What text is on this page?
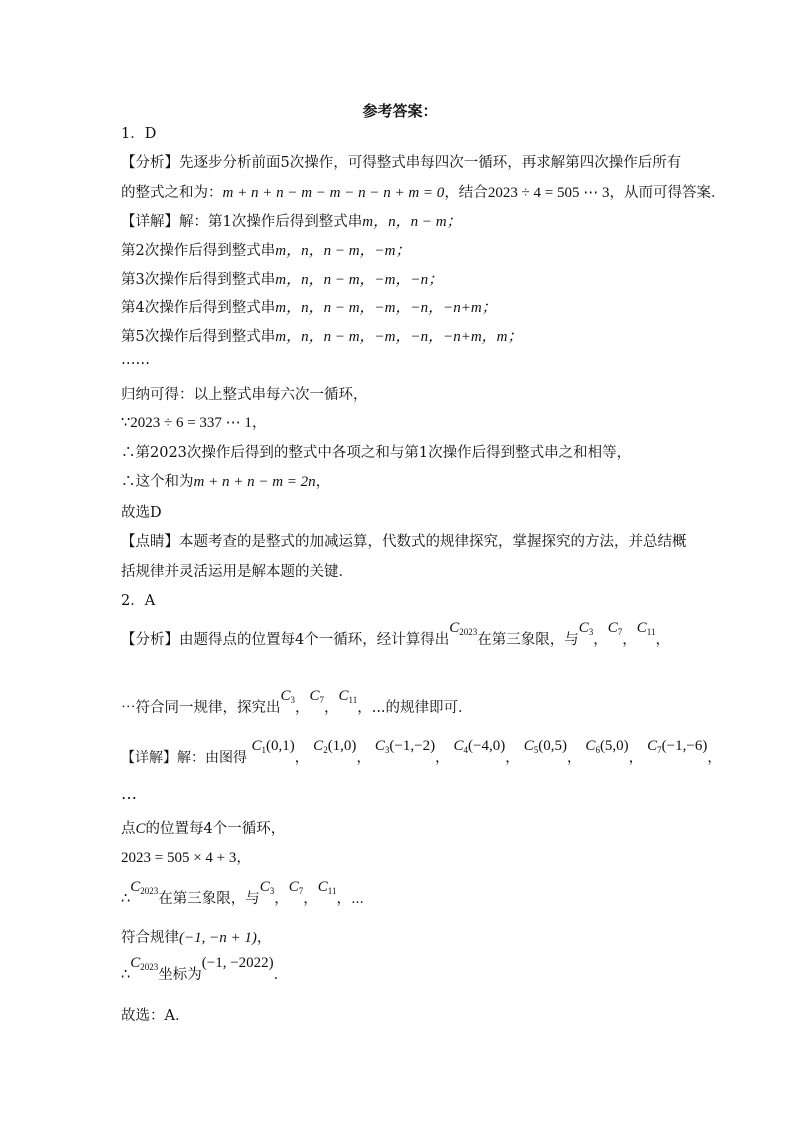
参考答案：
1．D
【分析】先逐步分析前面5次操作，可得整式串每四次一循环，再求解第四次操作后所有
的整式之和为：m + n + n − m − m − n − n + m = 0，结合2023 ÷ 4 = 505 ⋯ 3，从而可得答案．
【详解】解：第1次操作后得到整式串m，n，n − m；
第2次操作后得到整式串m，n，n − m，−m；
第3次操作后得到整式串m，n，n − m，−m，−n；
第4次操作后得到整式串m，n，n − m，−m，−n，−n+m；
第5次操作后得到整式串m，n，n − m，−m，−n，−n+m，m；
……
归纳可得：以上整式串每六次一循环，
∵2023 ÷ 6 = 337 ⋯ 1，
∴第2023次操作后得到的整式中各项之和与第1次操作后得到整式串之和相等，
∴这个和为m + n + n − m = 2n，
故选D
【点睛】本题考查的是整式的加减运算，代数式的规律探究，掌握探究的方法，并总结概
括规律并灵活运用是解本题的关键．
2．A
【分析】由题得点的位置每4个一循环，经计算得出$C_{2023}$在第三象限，与$C_3$，$C_7$，$C_{11}$，
⋯符合同一规律，探究出$C_3$，$C_7$，$C_{11}$，...的规律即可．
【详解】解：由图得 $C_1(0,1)$， $C_2(1,0)$， $C_3(-1,-2)$， $C_4(-4,0)$， $C_5(0,5)$， $C_6(5,0)$， $C_7(-1,-6)$，
⋯
点C的位置每4个一循环，
2023 = 505 × 4 + 3，
$\therefore C_{2023}$在第三象限，与$C_3$，$C_7$，$C_{11}$，⋯
符合规律(−1, −n + 1)，
$\therefore C_{2023}$坐标为(−1, −2022)．
故选：A．
